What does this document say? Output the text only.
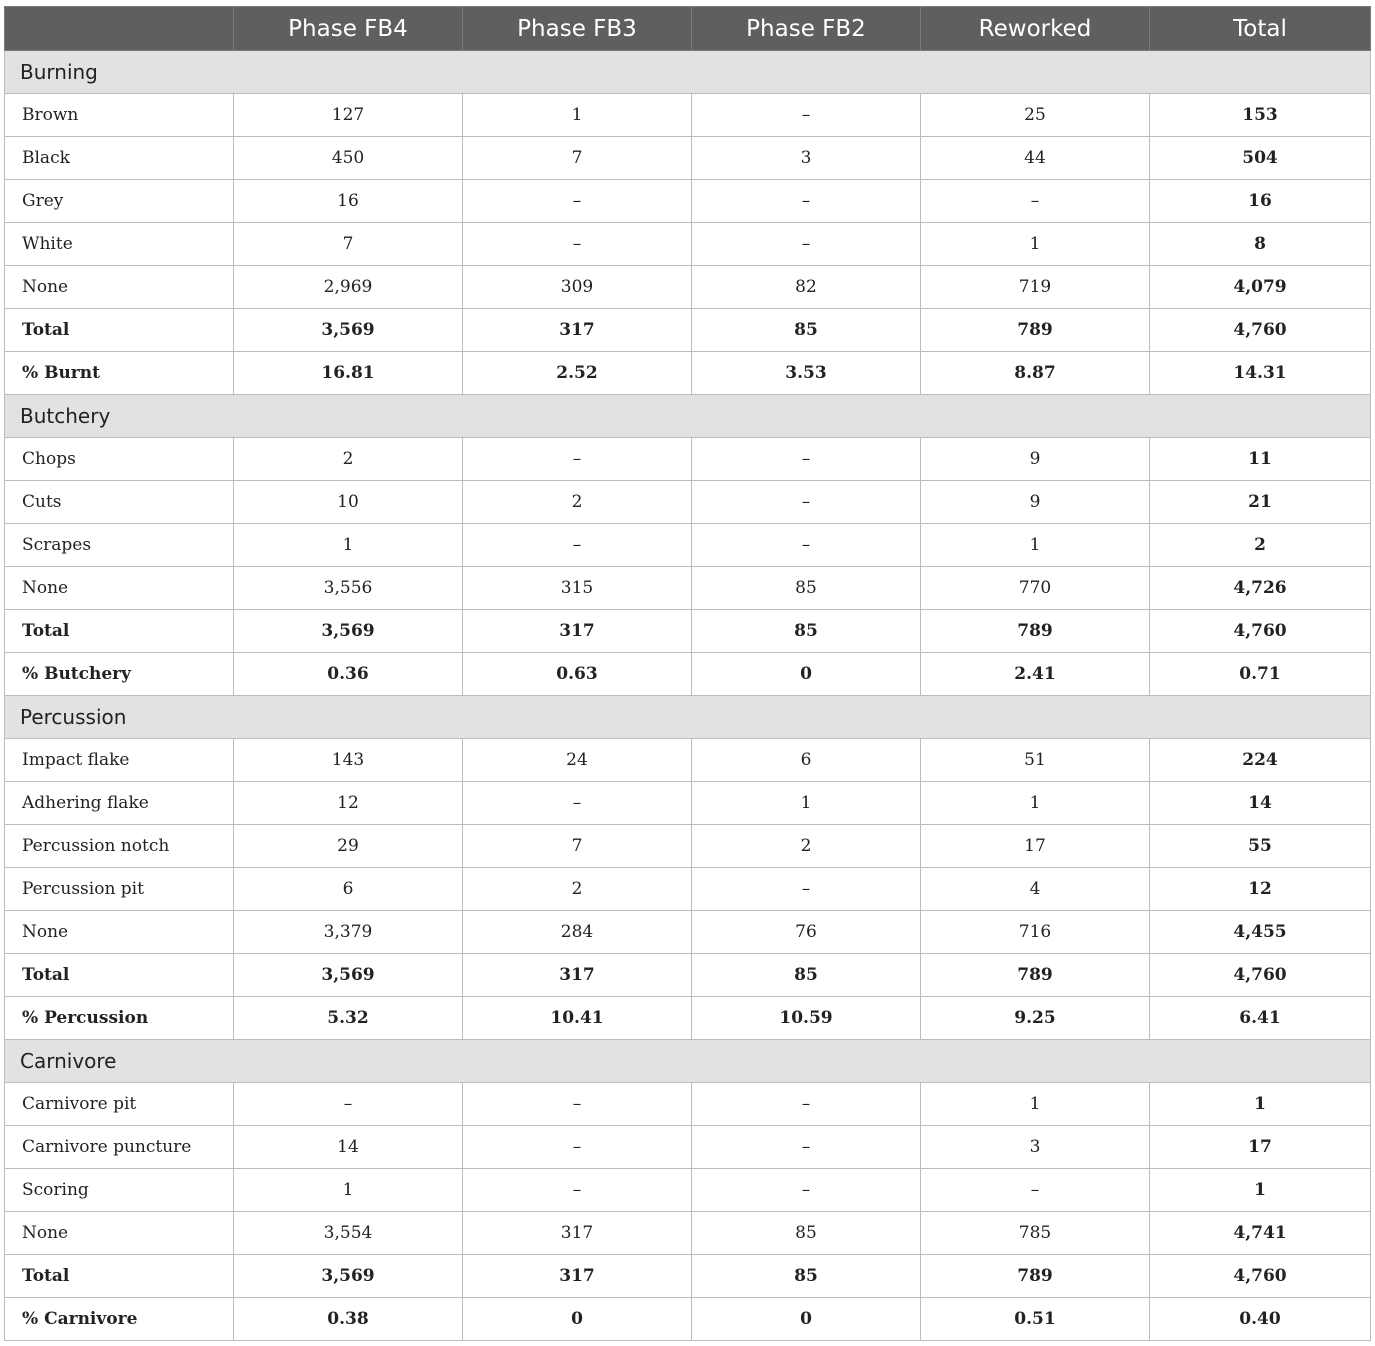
	Phase FB4	Phase FB3	Phase FB2	Reworked	Total
Burning					
Brown	127	1	–	25	153
Black	450	7	3	44	504
Grey	16	–	–	–	16
White	7	–	–	1	8
None	2,969	309	82	719	4,079
Total	3,569	317	85	789	4,760
% Burnt	16.81	2.52	3.53	8.87	14.31
Butchery					
Chops	2	–	–	9	11
Cuts	10	2	–	9	21
Scrapes	1	–	–	1	2
None	3,556	315	85	770	4,726
Total	3,569	317	85	789	4,760
% Butchery	0.36	0.63	0	2.41	0.71
Percussion					
Impact flake	143	24	6	51	224
Adhering flake	12	–	1	1	14
Percussion notch	29	7	2	17	55
Percussion pit	6	2	–	4	12
None	3,379	284	76	716	4,455
Total	3,569	317	85	789	4,760
% Percussion	5.32	10.41	10.59	9.25	6.41
Carnivore					
Carnivore pit	–	–	–	1	1
Carnivore puncture	14	–	–	3	17
Scoring	1	–	–	–	1
None	3,554	317	85	785	4,741
Total	3,569	317	85	789	4,760
% Carnivore	0.38	0	0	0.51	0.40
